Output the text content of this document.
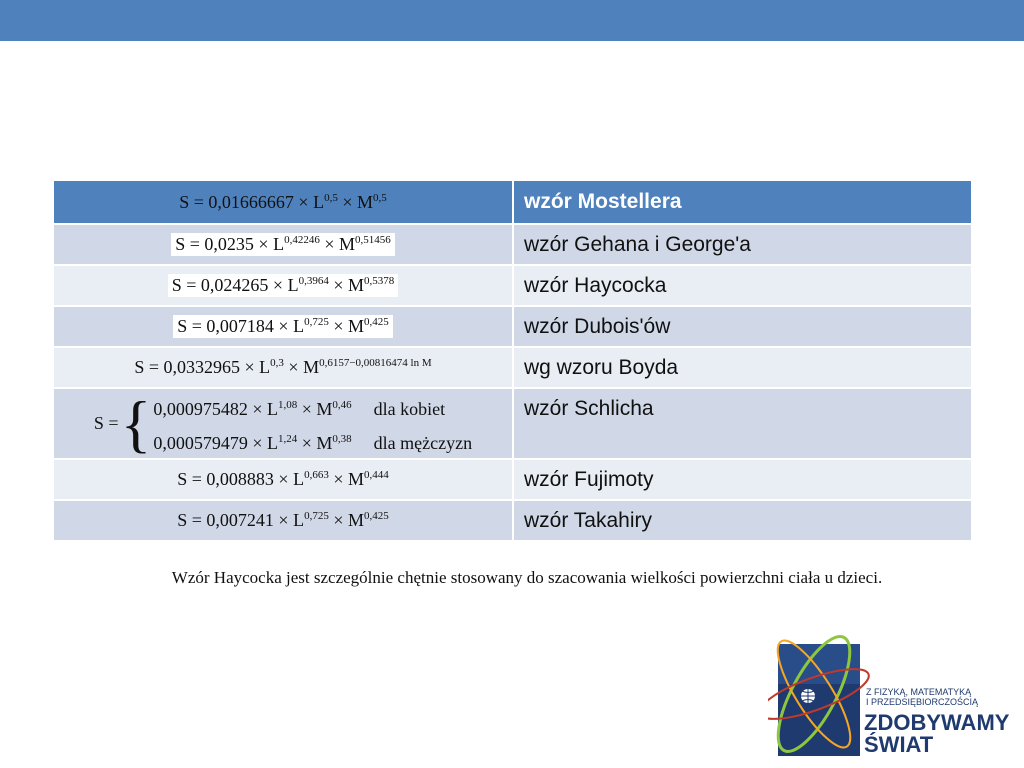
S = 0,01666667 × L$^{0,5}$ × M$^{0,5}$	wzór Mostellera
$S = 0,0235 \times L^{0,42246} \times M^{0,51456}$	wzór Gehana i George'a
$S = 0,024265 \times L^{0,3964} \times M^{0,5378}$	wzór Haycocka
S = 0,007184 × L$^{0,725}$ × M$^{0,425}$	wzór Dubois'ów
$S = 0,0332965 \times L^{0,3} \times M^{0,6157-0,00816474 ln M}$	wg wzoru Boyda

S = { 0,000975482 × L$^{1,08}$ × M$^{0,46}$ dla kobiet
0,000579479 × L$^{1,24}$ × M$^{0,38}$ dla mężczyzn	wzór Schlicha
S = 0,008883 × L$^{0,663}$ × M$^{0,444}$	wzór Fujimoty
S = 0,007241 × L$^{0,725}$ × M$^{0,425}$	wzór Takahiry
Wzór Haycocka jest szczególnie chętnie stosowany do szacowania wielkości powierzchni ciała u dzieci.
Z FIZYKĄ, MATEMATYKĄ
I PRZEDSIĘBIORCZOŚCIĄ
ZDOBYWAMY
ŚWIAT
